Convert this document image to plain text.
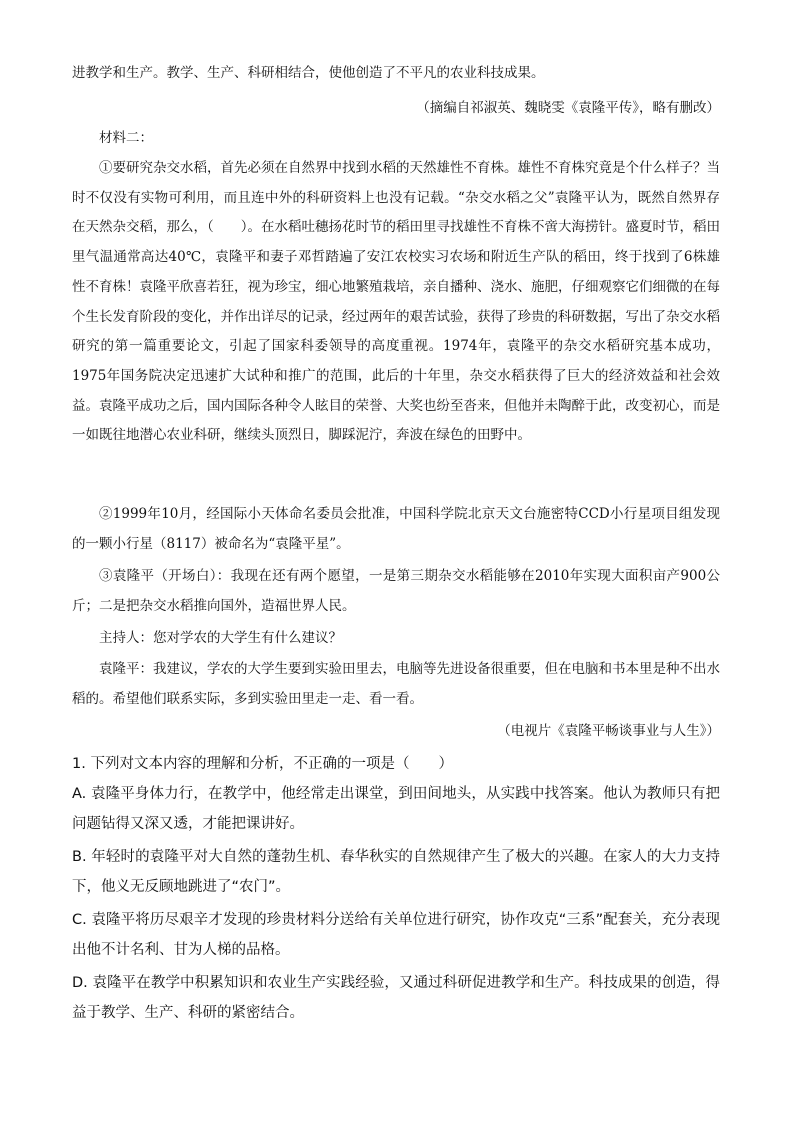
进教学和生产。教学、生产、科研相结合，使他创造了不平凡的农业科技成果。
（摘编自祁淑英、魏晓雯《袁隆平传》，略有删改）
材料二：
①要研究杂交水稻，首先必须在自然界中找到水稻的天然雄性不育株。雄性不育株究竟是个什么样子？当时不仅没有实物可利用，而且连中外的科研资料上也没有记载。“杂交水稻之父”袁隆平认为，既然自然界存在天然杂交稻，那么，（　　）。在水稻吐穗扬花时节的稻田里寻找雄性不育株不啻大海捞针。盛夏时节，稻田里气温通常高达40℃，袁隆平和妻子邓哲踏遍了安江农校实习农场和附近生产队的稻田，终于找到了6株雄性不育株！袁隆平欣喜若狂，视为珍宝，细心地繁殖栽培，亲自播种、浇水、施肥，仔细观察它们细微的在每个生长发育阶段的变化，并作出详尽的记录，经过两年的艰苦试验，获得了珍贵的科研数据，写出了杂交水稻研究的第一篇重要论文，引起了国家科委领导的高度重视。1974年，袁隆平的杂交水稻研究基本成功，1975年国务院决定迅速扩大试种和推广的范围，此后的十年里，杂交水稻获得了巨大的经济效益和社会效益。袁隆平成功之后，国内国际各种令人眩目的荣誉、大奖也纷至沓来，但他并未陶醉于此，改变初心，而是一如既往地潜心农业科研，继续头顶烈日，脚踩泥泞，奔波在绿色的田野中。
②1999年10月，经国际小天体命名委员会批准，中国科学院北京天文台施密特CCD小行星项目组发现的一颗小行星（8117）被命名为“袁隆平星”。
③袁隆平（开场白）：我现在还有两个愿望，一是第三期杂交水稻能够在2010年实现大面积亩产900公斤；二是把杂交水稻推向国外，造福世界人民。
主持人：您对学农的大学生有什么建议？
袁隆平：我建议，学农的大学生要到实验田里去，电脑等先进设备很重要，但在电脑和书本里是种不出水稻的。希望他们联系实际，多到实验田里走一走、看一看。
（电视片《袁隆平畅谈事业与人生》）
1. 下列对文本内容的理解和分析，不正确的一项是（　　）
A. 袁隆平身体力行，在教学中，他经常走出课堂，到田间地头，从实践中找答案。他认为教师只有把问题钻得又深又透，才能把课讲好。
B. 年轻时的袁隆平对大自然的蓬勃生机、春华秋实的自然规律产生了极大的兴趣。在家人的大力支持下，他义无反顾地跳进了“农门”。
C. 袁隆平将历尽艰辛才发现的珍贵材料分送给有关单位进行研究，协作攻克“三系”配套关，充分表现出他不计名利、甘为人梯的品格。
D. 袁隆平在教学中积累知识和农业生产实践经验，又通过科研促进教学和生产。科技成果的创造，得益于教学、生产、科研的紧密结合。
